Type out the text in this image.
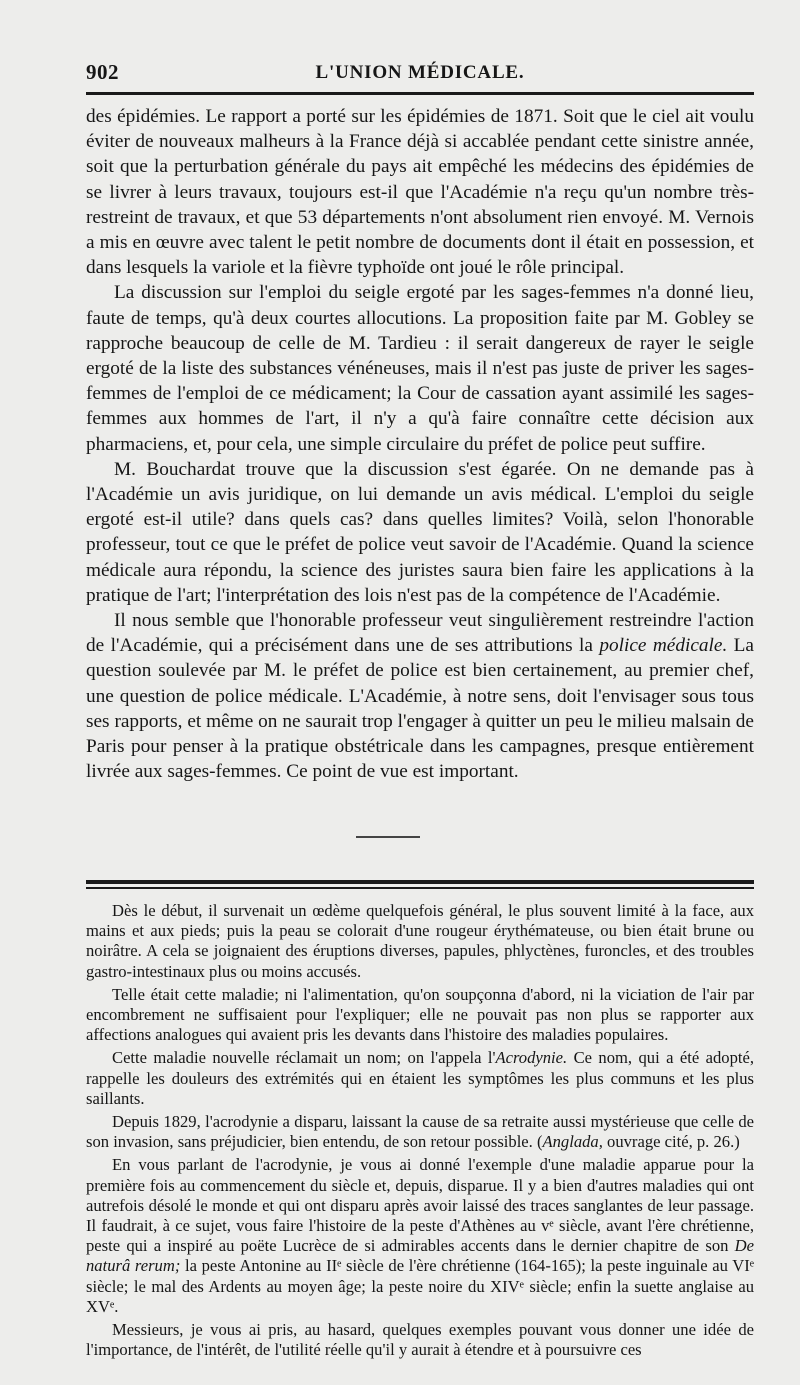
902	L'UNION MÉDICALE.

des épidémies. Le rapport a porté sur les épidémies de 1871. Soit que le ciel ait voulu éviter de nouveaux malheurs à la France déjà si accablée pendant cette sinistre année, soit que la perturbation générale du pays ait empêché les médecins des épidémies de se livrer à leurs travaux, toujours est-il que l'Académie n'a reçu qu'un nombre très-restreint de travaux, et que 53 départements n'ont absolument rien envoyé. M. Vernois a mis en œuvre avec talent le petit nombre de documents dont il était en possession, et dans lesquels la variole et la fièvre typhoïde ont joué le rôle principal.

La discussion sur l'emploi du seigle ergoté par les sages-femmes n'a donné lieu, faute de temps, qu'à deux courtes allocutions. La proposition faite par M. Gobley se rapproche beaucoup de celle de M. Tardieu : il serait dangereux de rayer le seigle ergoté de la liste des substances vénéneuses, mais il n'est pas juste de priver les sages-femmes de l'emploi de ce médicament; la Cour de cassation ayant assimilé les sages-femmes aux hommes de l'art, il n'y a qu'à faire connaître cette décision aux pharmaciens, et, pour cela, une simple circulaire du préfet de police peut suffire.

M. Bouchardat trouve que la discussion s'est égarée. On ne demande pas à l'Académie un avis juridique, on lui demande un avis médical. L'emploi du seigle ergoté est-il utile? dans quels cas? dans quelles limites? Voilà, selon l'honorable professeur, tout ce que le préfet de police veut savoir de l'Académie. Quand la science médicale aura répondu, la science des juristes saura bien faire les applications à la pratique de l'art; l'interprétation des lois n'est pas de la compétence de l'Académie.

Il nous semble que l'honorable professeur veut singulièrement restreindre l'action de l'Académie, qui a précisément dans une de ses attributions la police médicale. La question soulevée par M. le préfet de police est bien certainement, au premier chef, une question de police médicale. L'Académie, à notre sens, doit l'envisager sous tous ses rapports, et même on ne saurait trop l'engager à quitter un peu le milieu malsain de Paris pour penser à la pratique obstétricale dans les campagnes, presque entièrement livrée aux sages-femmes. Ce point de vue est important.

Dès le début, il survenait un œdème quelquefois général, le plus souvent limité à la face, aux mains et aux pieds; puis la peau se colorait d'une rougeur érythémateuse, ou bien était brune ou noirâtre. A cela se joignaient des éruptions diverses, papules, phlyctènes, furoncles, et des troubles gastro-intestinaux plus ou moins accusés.

Telle était cette maladie; ni l'alimentation, qu'on soupçonna d'abord, ni la viciation de l'air par encombrement ne suffisaient pour l'expliquer; elle ne pouvait pas non plus se rapporter aux affections analogues qui avaient pris les devants dans l'histoire des maladies populaires.

Cette maladie nouvelle réclamait un nom; on l'appela l'Acrodynie. Ce nom, qui a été adopté, rappelle les douleurs des extrémités qui en étaient les symptômes les plus communs et les plus saillants.

Depuis 1829, l'acrodynie a disparu, laissant la cause de sa retraite aussi mystérieuse que celle de son invasion, sans préjudicier, bien entendu, de son retour possible. (Anglada, ouvrage cité, p. 26.)

En vous parlant de l'acrodynie, je vous ai donné l'exemple d'une maladie apparue pour la première fois au commencement du siècle et, depuis, disparue. Il y a bien d'autres maladies qui ont autrefois désolé le monde et qui ont disparu après avoir laissé des traces sanglantes de leur passage. Il faudrait, à ce sujet, vous faire l'histoire de la peste d'Athènes au vᵉ siècle, avant l'ère chrétienne, peste qui a inspiré au poëte Lucrèce de si admirables accents dans le dernier chapitre de son De naturâ rerum; la peste Antonine au IIᵉ siècle de l'ère chrétienne (164-165); la peste inguinale au VIᵉ siècle; le mal des Ardents au moyen âge; la peste noire du XIVᵉ siècle; enfin la suette anglaise au XVᵉ.

Messieurs, je vous ai pris, au hasard, quelques exemples pouvant vous donner une idée de l'importance, de l'intérêt, de l'utilité réelle qu'il y aurait à étendre et à poursuivre ces
